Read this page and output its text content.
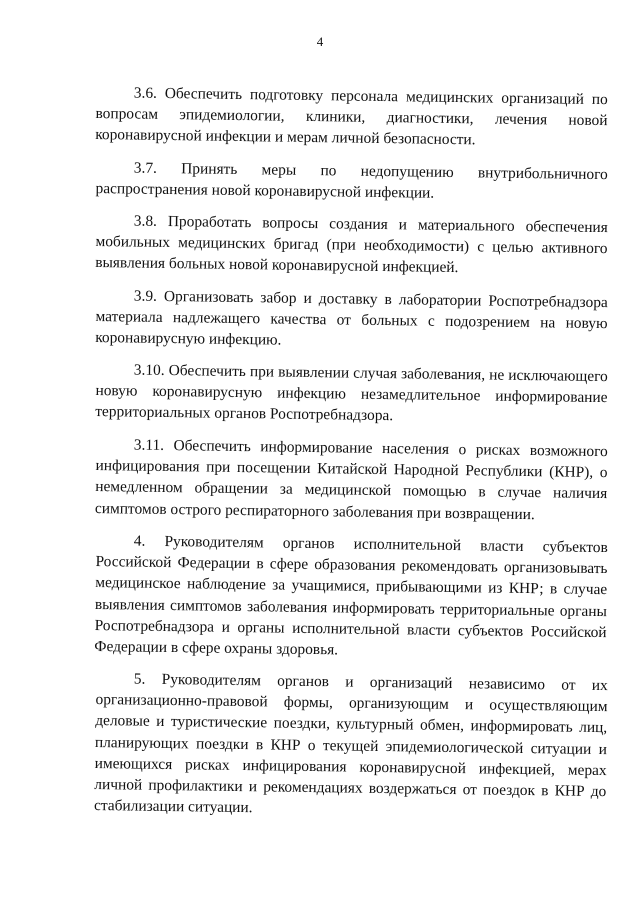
4

3.6. Обеспечить подготовку персонала медицинских организаций по вопросам эпидемиологии, клиники, диагностики, лечения новой коронавирусной инфекции и мерам личной безопасности.

3.7. Принять меры по недопущению внутрибольничного распространения новой коронавирусной инфекции.

3.8. Проработать вопросы создания и материального обеспечения мобильных медицинских бригад (при необходимости) с целью активного выявления больных новой коронавирусной инфекцией.

3.9. Организовать забор и доставку в лаборатории Роспотребнадзора материала надлежащего качества от больных с подозрением на новую коронавирусную инфекцию.

3.10. Обеспечить при выявлении случая заболевания, не исключающего новую коронавирусную инфекцию незамедлительное информирование территориальных органов Роспотребнадзора.

3.11. Обеспечить информирование населения о рисках возможного инфицирования при посещении Китайской Народной Республики (КНР), о немедленном обращении за медицинской помощью в случае наличия симптомов острого респираторного заболевания при возвращении.

4. Руководителям органов исполнительной власти субъектов Российской Федерации в сфере образования рекомендовать организовывать медицинское наблюдение за учащимися, прибывающими из КНР; в случае выявления симптомов заболевания информировать территориальные органы Роспотребнадзора и органы исполнительной власти субъектов Российской Федерации в сфере охраны здоровья.

5. Руководителям органов и организаций независимо от их организационно-правовой формы, организующим и осуществляющим деловые и туристические поездки, культурный обмен, информировать лиц, планирующих поездки в КНР о текущей эпидемиологической ситуации и имеющихся рисках инфицирования коронавирусной инфекцией, мерах личной профилактики и рекомендациях воздержаться от поездок в КНР до стабилизации ситуации.
